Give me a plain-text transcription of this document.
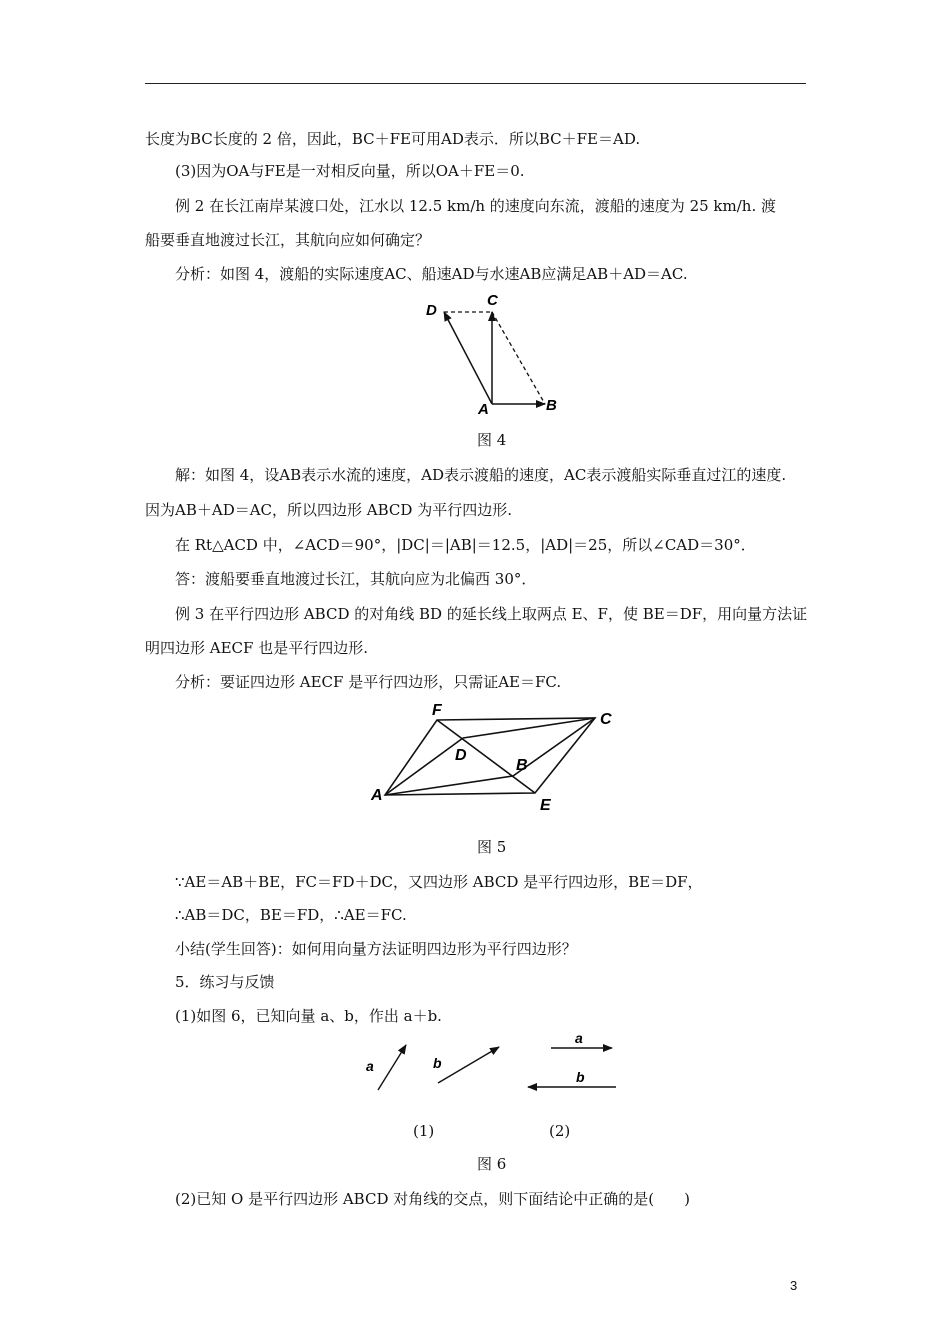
长度为BC长度的 2 倍，因此，BC＋FE可用AD表示．所以BC＋FE＝AD.
(3)因为OA与FE是一对相反向量，所以OA＋FE＝0.
例 2 在长江南岸某渡口处，江水以 12.5 km/h 的速度向东流，渡船的速度为 25 km/h. 渡
船要垂直地渡过长江，其航向应如何确定？
分析：如图 4，渡船的实际速度AC、船速AD与水速AB应满足AB＋AD＝AC.
A	B
C
D
图 4
解：如图 4，设AB表示水流的速度，AD表示渡船的速度，AC表示渡船实际垂直过江的速度.
因为AB＋AD＝AC，所以四边形 ABCD 为平行四边形.
在 Rt△ACD 中，∠ACD＝90°，|DC|＝|AB|＝12.5，|AD|＝25，所以∠CAD＝30°．
答：渡船要垂直地渡过长江，其航向应为北偏西 30°．
例 3 在平行四边形 ABCD 的对角线 BD 的延长线上取两点 E、F，使 BE＝DF，用向量方法证
明四边形 AECF 也是平行四边形.
分析：要证四边形 AECF 是平行四边形，只需证AE＝FC.
F
C
D
B
A
E
图 5
∵AE＝AB＋BE，FC＝FD＋DC，又四边形 ABCD 是平行四边形，BE＝DF，
∴AB＝DC，BE＝FD，∴AE＝FC.
小结(学生回答)：如何用向量方法证明四边形为平行四边形？
5．练习与反馈
(1)如图 6，已知向量 a、b，作出 a＋b.
a	b
a
b
(1)	(2)
图 6
(2)已知 O 是平行四边形 ABCD 对角线的交点，则下面结论中正确的是(　　)
3
